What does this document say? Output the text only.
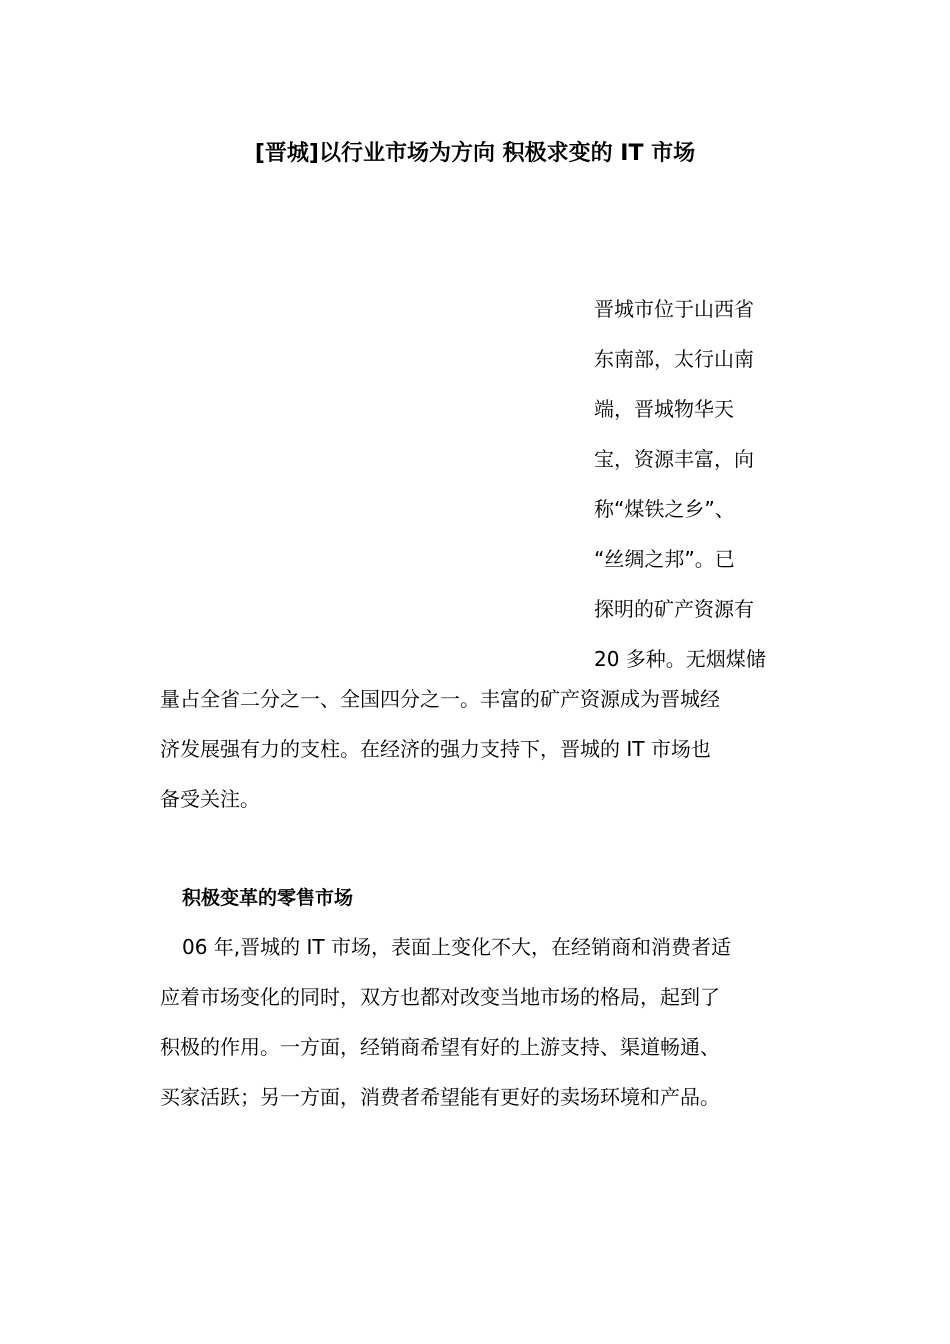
[晋城]以行业市场为方向 积极求变的 IT 市场
晋城市位于山西省
东南部，太行山南
端，晋城物华天
宝，资源丰富，向
称“煤铁之乡”、
“丝绸之邦”。已
探明的矿产资源有
20 多种。无烟煤储
量占全省二分之一、全国四分之一。丰富的矿产资源成为晋城经
济发展强有力的支柱。在经济的强力支持下，晋城的 IT 市场也
备受关注。
积极变革的零售市场
06 年,晋城的 IT 市场，表面上变化不大，在经销商和消费者适
应着市场变化的同时，双方也都对改变当地市场的格局，起到了
积极的作用。一方面，经销商希望有好的上游支持、渠道畅通、
买家活跃；另一方面，消费者希望能有更好的卖场环境和产品。
